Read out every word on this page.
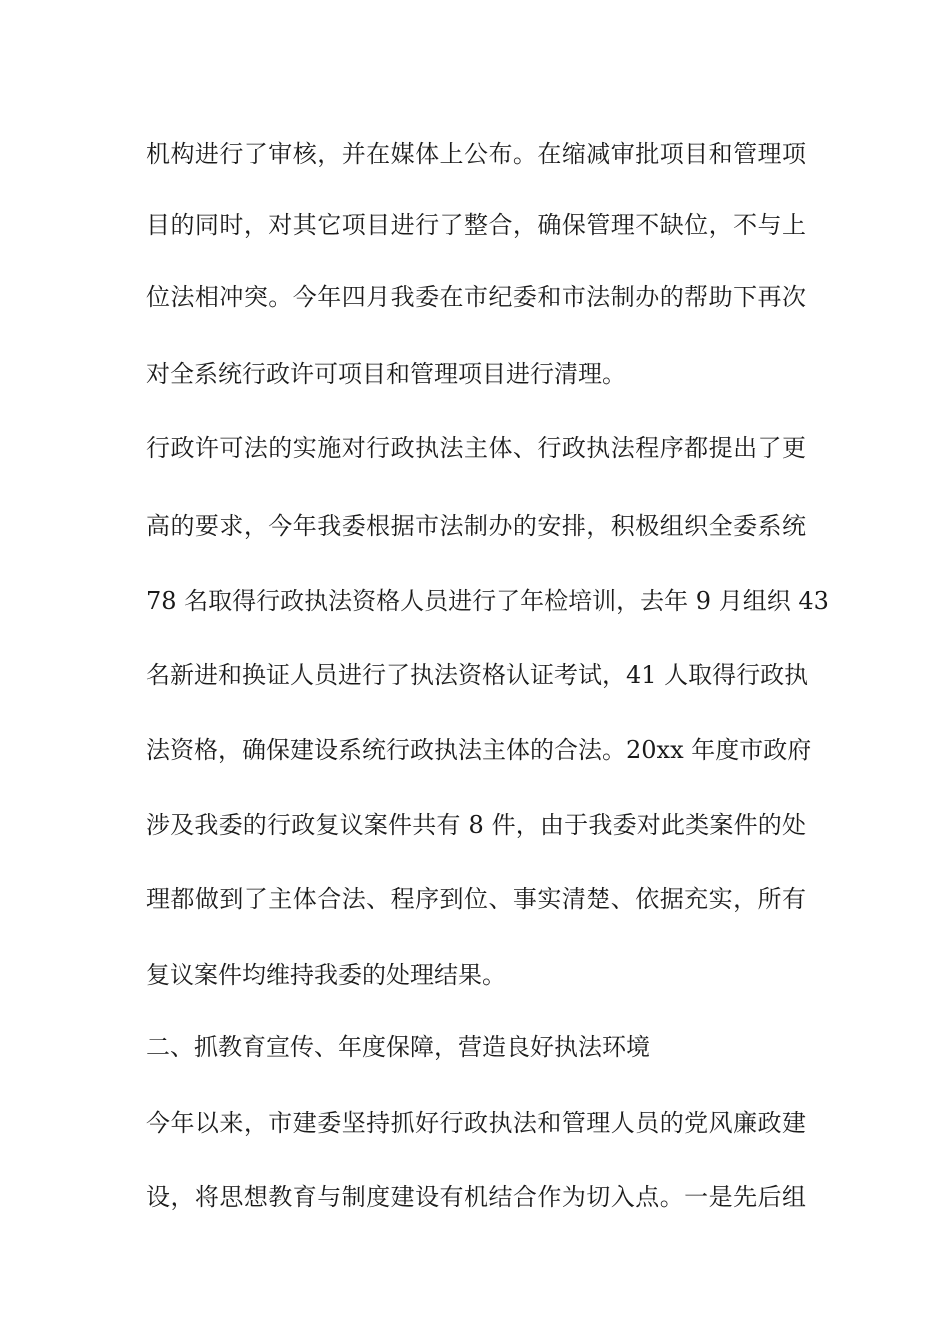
机构进行了审核，并在媒体上公布。在缩减审批项目和管理项

目的同时，对其它项目进行了整合，确保管理不缺位，不与上

位法相冲突。今年四月我委在市纪委和市法制办的帮助下再次

对全系统行政许可项目和管理项目进行清理。

行政许可法的实施对行政执法主体、行政执法程序都提出了更

高的要求，今年我委根据市法制办的安排，积极组织全委系统

78 名取得行政执法资格人员进行了年检培训，去年 9 月组织 43

名新进和换证人员进行了执法资格认证考试，41 人取得行政执

法资格，确保建设系统行政执法主体的合法。20xx 年度市政府

涉及我委的行政复议案件共有 8 件，由于我委对此类案件的处

理都做到了主体合法、程序到位、事实清楚、依据充实，所有

复议案件均维持我委的处理结果。

二、抓教育宣传、年度保障，营造良好执法环境

今年以来，市建委坚持抓好行政执法和管理人员的党风廉政建

设，将思想教育与制度建设有机结合作为切入点。一是先后组
